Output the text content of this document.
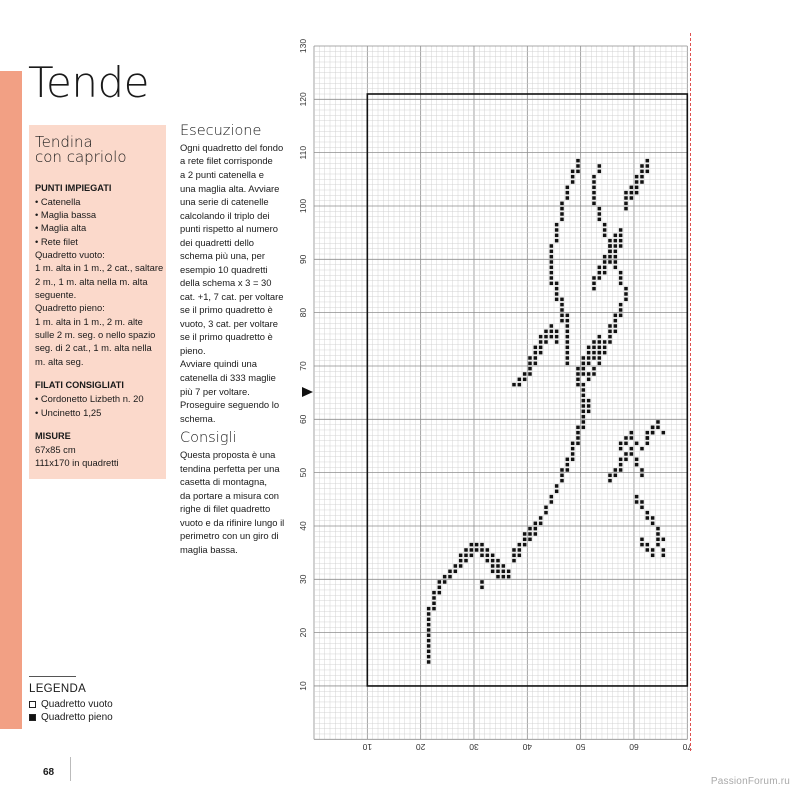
Tende
Tendina
con capriolo
PUNTI IMPIEGATI
• Catenella
• Maglia bassa
• Maglia alta
• Rete filet
Quadretto vuoto:
1 m. alta in 1 m., 2 cat., saltare
2 m., 1 m. alta nella m. alta
seguente.
Quadretto pieno:
1 m. alta in 1 m., 2 m. alte
sulle 2 m. seg. o nello spazio
seg. di 2 cat., 1 m. alta nella
m. alta seg.
FILATI CONSIGLIATI
• Cordonetto Lizbeth n. 20
• Uncinetto 1,25
MISURE
67x85 cm
111x170 in quadretti
Esecuzione
Ogni quadretto del fondo
a rete filet corrisponde
a 2 punti catenella e
una maglia alta. Avviare
una serie di catenelle
calcolando il triplo dei
punti rispetto al numero
dei quadretti dello
schema più una, per
esempio 10 quadretti
della schema x 3 = 30
cat. +1, 7 cat. per voltare
se il primo quadretto è
vuoto, 3 cat. per voltare
se il primo quadretto è
pieno.
Avviare quindi una
catenella di 333 maglie
più 7 per voltare.
Proseguire seguendo lo
schema.
Consigli
Questa proposta è una
tendina perfetta per una
casetta di montagna,
da portare a misura con
righe di filet quadretto
vuoto e da rifinire lungo il
perimetro con un giro di
maglia bassa.
LEGENDA
Quadretto vuoto
Quadretto pieno
68
PassionForum.ru
10
20
30
40
50
60
70
80
90
100
110
120
130
10	20	30	40	50	60	70
